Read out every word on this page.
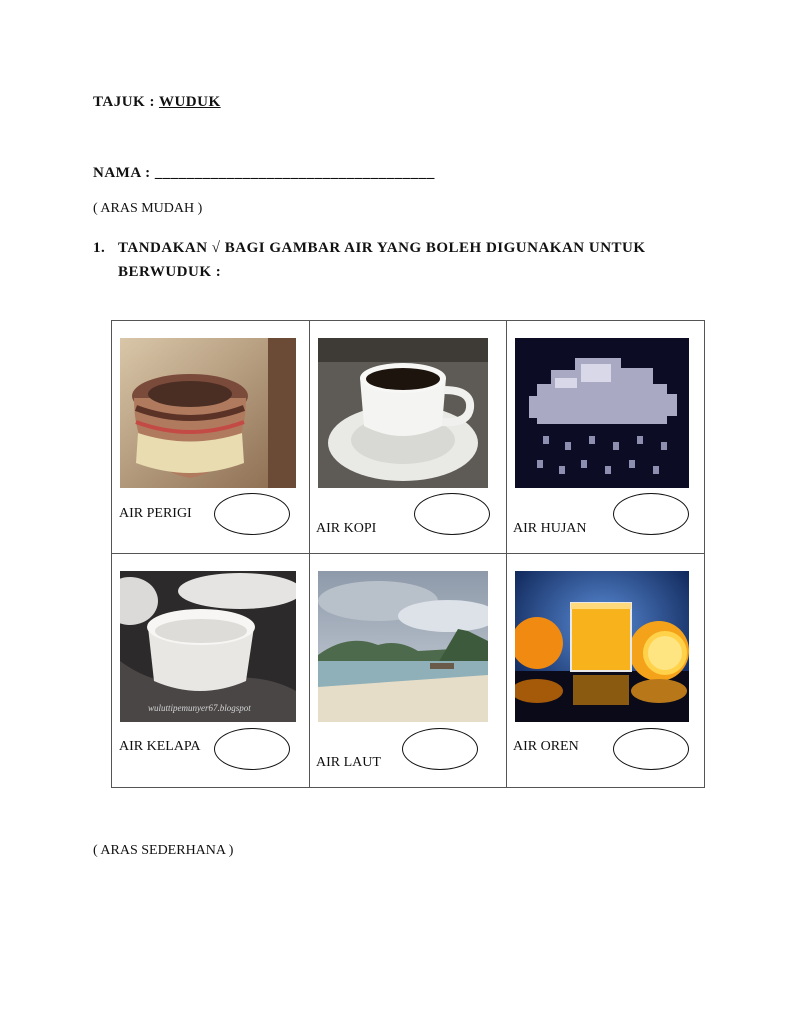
TAJUK : WUDUK
NAMA : ___________________________________
( ARAS MUDAH )
1. TANDAKAN √ BAGI GAMBAR AIR YANG BOLEH DIGUNAKAN UNTUK BERWUDUK :
AIR PERIGI
AIR KOPI	AIR HUJAN
wuluttipemunyer67.blogspot
AIR KELAPA
AIR LAUT
AIR OREN
( ARAS SEDERHANA )
